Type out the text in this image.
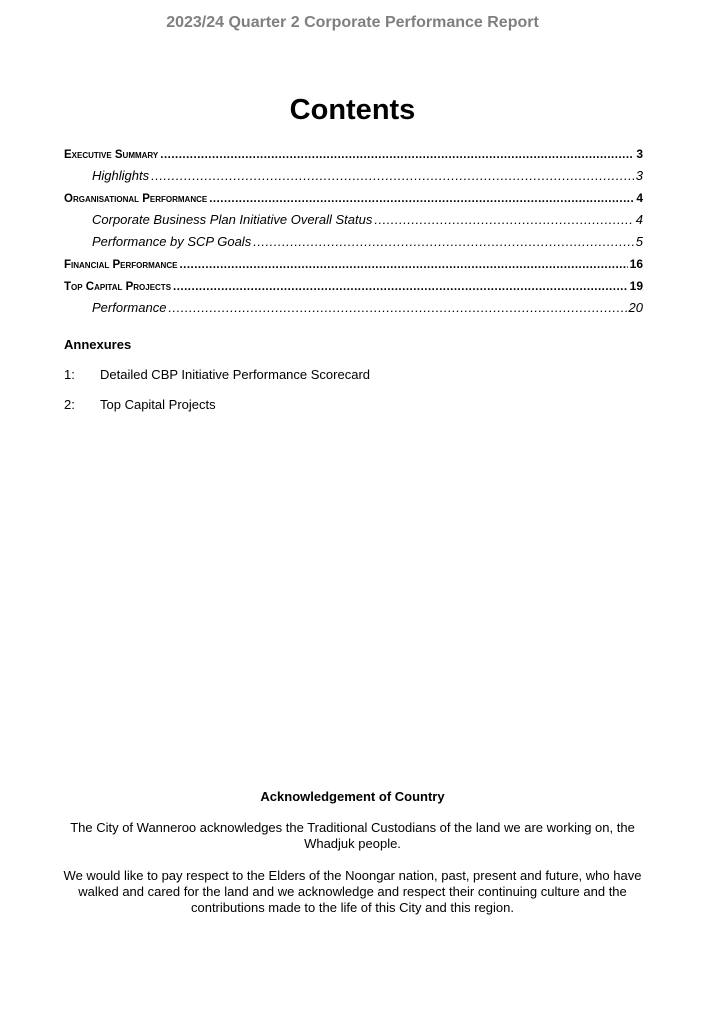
2023/24 Quarter 2 Corporate Performance Report
Contents
Executive Summary .....	3
Highlights .....	3
Organisational Performance .....	4
Corporate Business Plan Initiative Overall Status .....	4
Performance by SCP Goals .....	5
Financial Performance .....	16
Top Capital Projects .....	19
Performance .....	20
Annexures
1:	Detailed CBP Initiative Performance Scorecard
2:	Top Capital Projects
Acknowledgement of Country

The City of Wanneroo acknowledges the Traditional Custodians of the land we are working on, the Whadjuk people.

We would like to pay respect to the Elders of the Noongar nation, past, present and future, who have walked and cared for the land and we acknowledge and respect their continuing culture and the contributions made to the life of this City and this region.
